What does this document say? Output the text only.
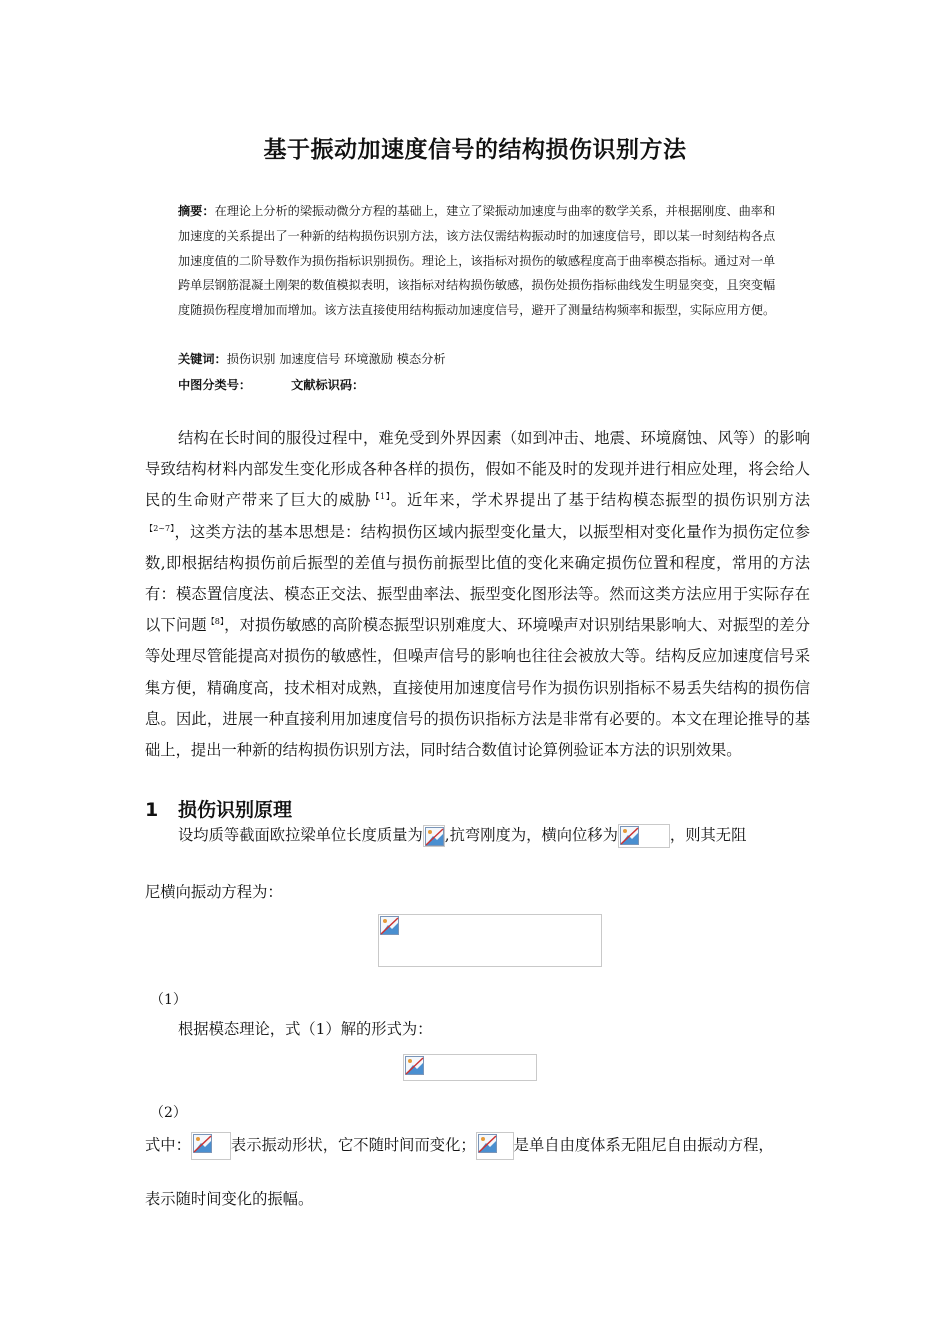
基于振动加速度信号的结构损伤识别方法
摘要：在理论上分析的梁振动微分方程的基础上，建立了梁振动加速度与曲率的数学关系，并根据刚度、曲率和加速度的关系提出了一种新的结构损伤识别方法，该方法仅需结构振动时的加速度信号，即以某一时刻结构各点加速度值的二阶导数作为损伤指标识别损伤。理论上，该指标对损伤的敏感程度高于曲率模态指标。通过对一单跨单层钢筋混凝土刚架的数值模拟表明，该指标对结构损伤敏感，损伤处损伤指标曲线发生明显突变，且突变幅度随损伤程度增加而增加。该方法直接使用结构振动加速度信号，避开了测量结构频率和振型，实际应用方便。
关键词：损伤识别 加速度信号 环境激励 模态分析
中图分类号：	文献标识码：
结构在长时间的服役过程中，难免受到外界因素（如到冲击、地震、环境腐蚀、风等）的影响导致结构材料内部发生变化形成各种各样的损伤，假如不能及时的发现并进行相应处理，将会给人民的生命财产带来了巨大的威胁$^{【1】}$。近年来，学术界提出了基于结构模态振型的损伤识别方法$^{【2\sim 7】}$，这类方法的基本思想是：结构损伤区域内振型变化量大，以振型相对变化量作为损伤定位参数,即根据结构损伤前后振型的差值与损伤前振型比值的变化来确定损伤位置和程度，常用的方法有：模态置信度法、模态正交法、振型曲率法、振型变化图形法等。然而这类方法应用于实际存在以下问题$^{【8】}$，对损伤敏感的高阶模态振型识别难度大、环境噪声对识别结果影响大、对振型的差分等处理尽管能提高对损伤的敏感性，但噪声信号的影响也往往会被放大等。结构反应加速度信号采集方便，精确度高，技术相对成熟，直接使用加速度信号作为损伤识别指标不易丢失结构的损伤信息。因此，进展一种直接利用加速度信号的损伤识指标方法是非常有必要的。本文在理论推导的基础上，提出一种新的结构损伤识别方法，同时结合数值讨论算例验证本方法的识别效果。
1 损伤识别原理
设均质等截面欧拉梁单位长度质量为 ,抗弯刚度为，横向位移为	，则其无阻
尼横向振动方程为：
（1）
根据模态理论，式（1）解的形式为：
（2）
式中：	表示振动形状，它不随时间而变化； 是单自由度体系无阻尼自由振动方程，
表示随时间变化的振幅。
